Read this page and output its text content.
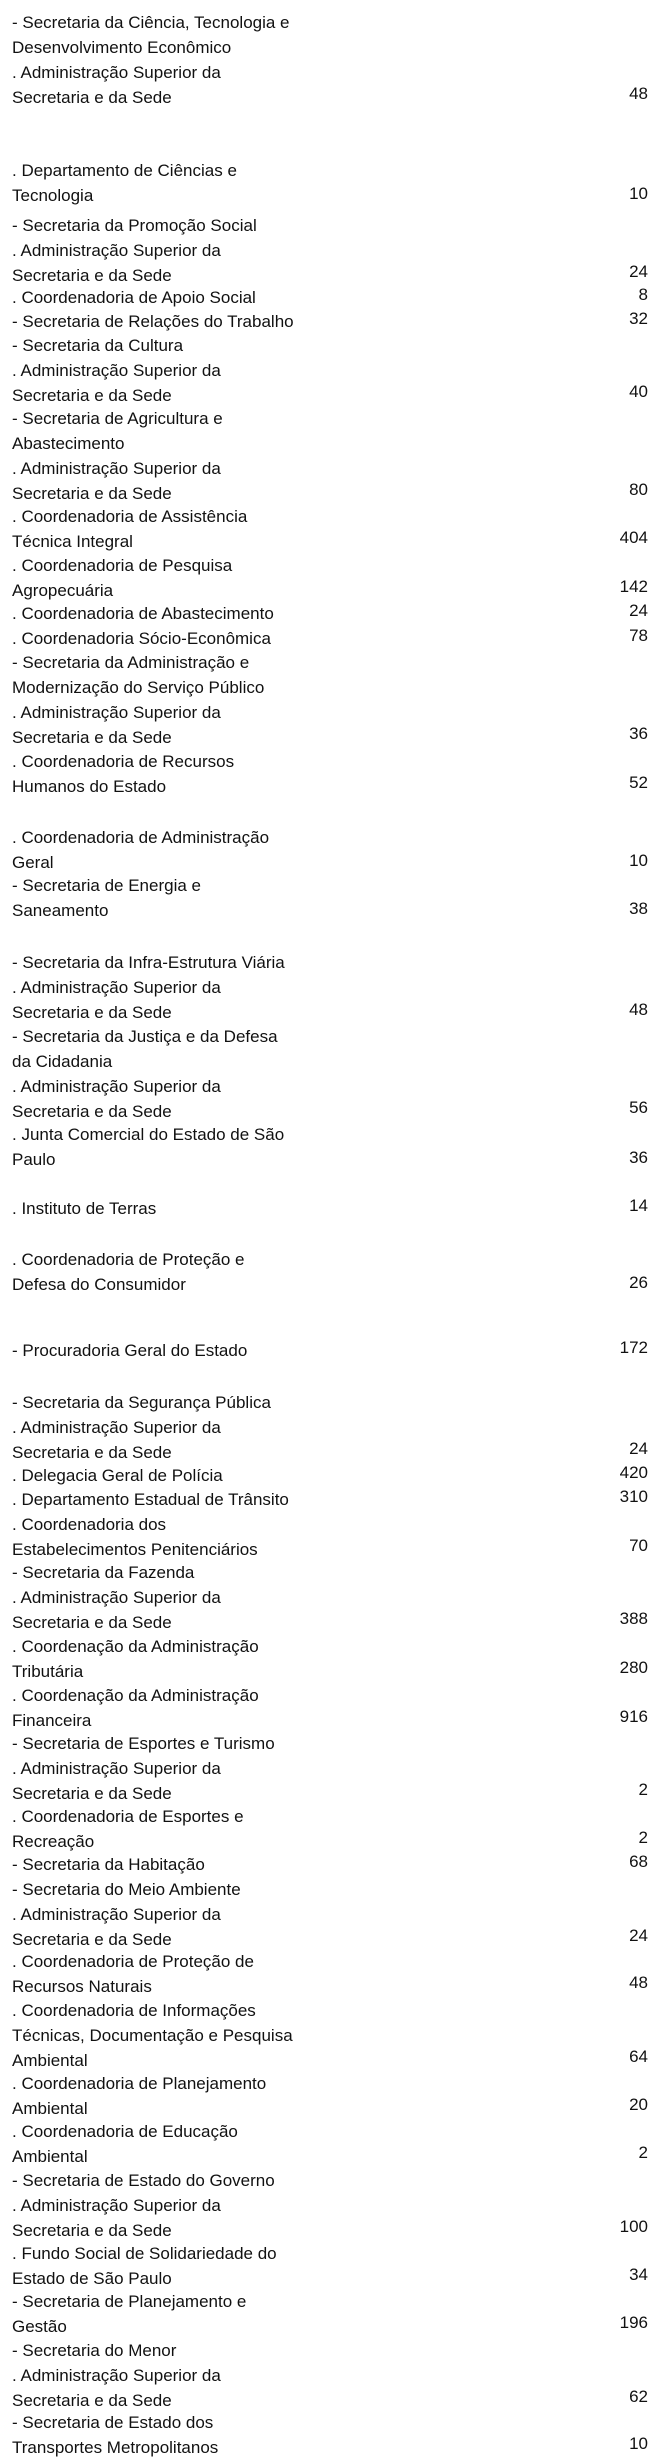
- Secretaria da Ciência, Tecnologia e
Desenvolvimento Econômico
. Administração Superior da
Secretaria e da Sede	48
. Departamento de Ciências e
Tecnologia	10
- Secretaria da Promoção Social
. Administração Superior da
Secretaria e da Sede	24
. Coordenadoria de Apoio Social	8
- Secretaria de Relações do Trabalho	32
- Secretaria da Cultura
. Administração Superior da
Secretaria e da Sede	40
- Secretaria de Agricultura e
Abastecimento
. Administração Superior da
Secretaria e da Sede	80
. Coordenadoria de Assistência
Técnica Integral	404
. Coordenadoria de Pesquisa
Agropecuária	142
. Coordenadoria de Abastecimento	24
. Coordenadoria Sócio-Econômica	78
- Secretaria da Administração e
Modernização do Serviço Público
. Administração Superior da
Secretaria e da Sede	36
. Coordenadoria de Recursos
Humanos do Estado	52
. Coordenadoria de Administração
Geral	10
- Secretaria de Energia e
Saneamento	38
- Secretaria da Infra-Estrutura Viária
. Administração Superior da
Secretaria e da Sede	48
- Secretaria da Justiça e da Defesa
da Cidadania
. Administração Superior da
Secretaria e da Sede	56
. Junta Comercial do Estado de São
Paulo	36
. Instituto de Terras	14
. Coordenadoria de Proteção e
Defesa do Consumidor	26
- Procuradoria Geral do Estado	172
- Secretaria da Segurança Pública
. Administração Superior da
Secretaria e da Sede	24
. Delegacia Geral de Polícia	420
. Departamento Estadual de Trânsito	310
. Coordenadoria dos
Estabelecimentos Penitenciários	70
- Secretaria da Fazenda
. Administração Superior da
Secretaria e da Sede	388
. Coordenação da Administração
Tributária	280
. Coordenação da Administração
Financeira	916
- Secretaria de Esportes e Turismo
. Administração Superior da
Secretaria e da Sede	2
. Coordenadoria de Esportes e
Recreação	2
- Secretaria da Habitação	68
- Secretaria do Meio Ambiente
. Administração Superior da
Secretaria e da Sede	24
. Coordenadoria de Proteção de
Recursos Naturais	48
. Coordenadoria de Informações
Técnicas, Documentação e Pesquisa
Ambiental	64
. Coordenadoria de Planejamento
Ambiental	20
. Coordenadoria de Educação
Ambiental	2
- Secretaria de Estado do Governo
. Administração Superior da
Secretaria e da Sede	100
. Fundo Social de Solidariedade do
Estado de São Paulo	34
- Secretaria de Planejamento e
Gestão	196
- Secretaria do Menor
. Administração Superior da
Secretaria e da Sede	62
- Secretaria de Estado dos
Transportes Metropolitanos	10
